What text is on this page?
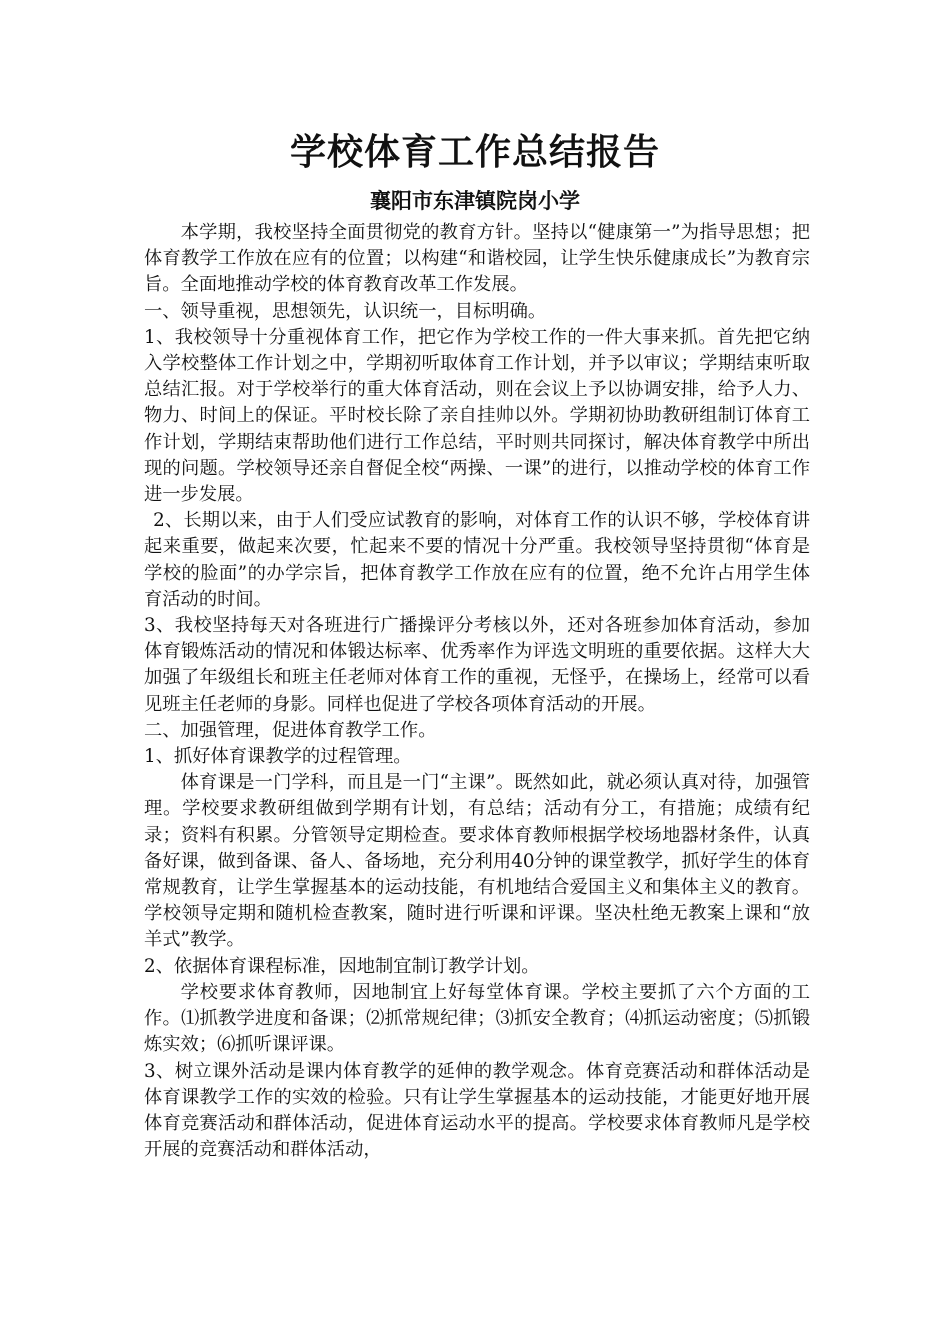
学校体育工作总结报告
襄阳市东津镇院岗小学

本学期，我校坚持全面贯彻党的教育方针。坚持以“健康第一”为指导思想；把体育教学工作放在应有的位置；以构建“和谐校园，让学生快乐健康成长”为教育宗旨。全面地推动学校的体育教育改革工作发展。

一、领导重视，思想领先，认识统一，目标明确。

1、我校领导十分重视体育工作，把它作为学校工作的一件大事来抓。首先把它纳入学校整体工作计划之中，学期初听取体育工作计划，并予以审议；学期结束听取总结汇报。对于学校举行的重大体育活动，则在会议上予以协调安排，给予人力、物力、时间上的保证。平时校长除了亲自挂帅以外。学期初协助教研组制订体育工作计划，学期结束帮助他们进行工作总结，平时则共同探讨，解决体育教学中所出现的问题。学校领导还亲自督促全校“两操、一课”的进行，以推动学校的体育工作进一步发展。

2、长期以来，由于人们受应试教育的影响，对体育工作的认识不够，学校体育讲起来重要，做起来次要，忙起来不要的情况十分严重。我校领导坚持贯彻“体育是学校的脸面”的办学宗旨，把体育教学工作放在应有的位置，绝不允许占用学生体育活动的时间。

3、我校坚持每天对各班进行广播操评分考核以外，还对各班参加体育活动，参加体育锻炼活动的情况和体锻达标率、优秀率作为评选文明班的重要依据。这样大大加强了年级组长和班主任老师对体育工作的重视，无怪乎，在操场上，经常可以看见班主任老师的身影。同样也促进了学校各项体育活动的开展。

二、加强管理，促进体育教学工作。

1、抓好体育课教学的过程管理。

体育课是一门学科，而且是一门“主课”。既然如此，就必须认真对待，加强管理。学校要求教研组做到学期有计划，有总结；活动有分工，有措施；成绩有纪录；资料有积累。分管领导定期检查。要求体育教师根据学校场地器材条件，认真备好课，做到备课、备人、备场地，充分利用40分钟的课堂教学，抓好学生的体育常规教育，让学生掌握基本的运动技能，有机地结合爱国主义和集体主义的教育。学校领导定期和随机检查教案，随时进行听课和评课。坚决杜绝无教案上课和“放羊式”教学。

2、依据体育课程标准，因地制宜制订教学计划。

学校要求体育教师，因地制宜上好每堂体育课。学校主要抓了六个方面的工作。⑴抓教学进度和备课；⑵抓常规纪律；⑶抓安全教育；⑷抓运动密度；⑸抓锻炼实效；⑹抓听课评课。

3、树立课外活动是课内体育教学的延伸的教学观念。体育竞赛活动和群体活动是体育课教学工作的实效的检验。只有让学生掌握基本的运动技能，才能更好地开展体育竞赛活动和群体活动，促进体育运动水平的提高。学校要求体育教师凡是学校开展的竞赛活动和群体活动，
